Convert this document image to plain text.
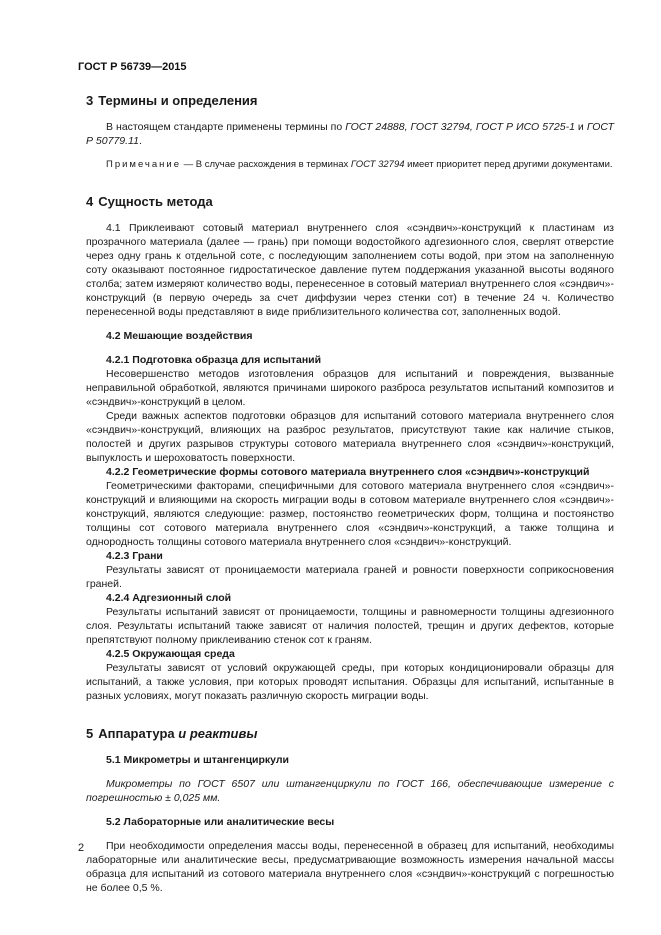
ГОСТ Р 56739—2015
3 Термины и определения

В настоящем стандарте применены термины по ГОСТ 24888, ГОСТ 32794, ГОСТ Р ИСО 5725-1 и ГОСТ Р 50779.11.

Примечание — В случае расхождения в терминах ГОСТ 32794 имеет приоритет перед другими документами.

4 Сущность метода

4.1 Приклеивают сотовый материал внутреннего слоя «сэндвич»-конструкций к пластинам из прозрачного материала (далее — грань) при помощи водостойкого адгезионного слоя, сверлят отверстие через одну грань к отдельной соте, с последующим заполнением соты водой, при этом на заполненную соту оказывают постоянное гидростатическое давление путем поддержания указанной высоты водяного столба; затем измеряют количество воды, перенесенное в сотовый материал внутреннего слоя «сэндвич»-конструкций (в первую очередь за счет диффузии через стенки сот) в течение 24 ч. Количество перенесенной воды представляют в виде приблизительного количества сот, заполненных водой.

4.2 Мешающие воздействия
4.2.1 Подготовка образца для испытаний

Несовершенство методов изготовления образцов для испытаний и повреждения, вызванные неправильной обработкой, являются причинами широкого разброса результатов испытаний композитов и «сэндвич»-конструкций в целом.

Среди важных аспектов подготовки образцов для испытаний сотового материала внутреннего слоя «сэндвич»-конструкций, влияющих на разброс результатов, присутствуют такие как наличие стыков, полостей и других разрывов структуры сотового материала внутреннего слоя «сэндвич»-конструкций, выпуклость и шероховатость поверхности.

4.2.2 Геометрические формы сотового материала внутреннего слоя «сэндвич»-конструкций

Геометрическими факторами, специфичными для сотового материала внутреннего слоя «сэндвич»-конструкций и влияющими на скорость миграции воды в сотовом материале внутреннего слоя «сэндвич»-конструкций, являются следующие: размер, постоянство геометрических форм, толщина и постоянство толщины сот сотового материала внутреннего слоя «сэндвич»-конструкций, а также толщина и однородность толщины сотового материала внутреннего слоя «сэндвич»-конструкций.

4.2.3 Грани

Результаты зависят от проницаемости материала граней и ровности поверхности соприкосновения граней.

4.2.4 Адгезионный слой

Результаты испытаний зависят от проницаемости, толщины и равномерности толщины адгезионного слоя. Результаты испытаний также зависят от наличия полостей, трещин и других дефектов, которые препятствуют полному приклеиванию стенок сот к граням.

4.2.5 Окружающая среда

Результаты зависят от условий окружающей среды, при которых кондиционировали образцы для испытаний, а также условия, при которых проводят испытания. Образцы для испытаний, испытанные в разных условиях, могут показать различную скорость миграции воды.

5 Аппаратура и реактивы
5.1 Микрометры и штангенциркули

Микрометры по ГОСТ 6507 или штангенциркули по ГОСТ 166, обеспечивающие измерение с погрешностью ± 0,025 мм.

5.2 Лабораторные или аналитические весы

При необходимости определения массы воды, перенесенной в образец для испытаний, необходимы лабораторные или аналитические весы, предусматривающие возможность измерения начальной массы образца для испытаний из сотового материала внутреннего слоя «сэндвич»-конструкций с погрешностью не более 0,5 %.

2
